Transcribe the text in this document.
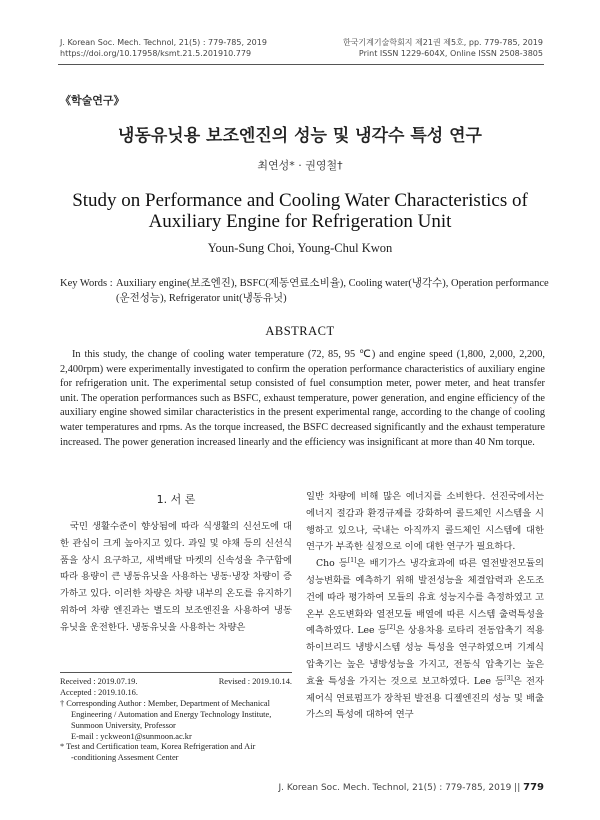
J. Korean Soc. Mech. Technol, 21(5) : 779-785, 2019
https://doi.org/10.17958/ksmt.21.5.201910.779
한국기계기술학회지 제21권 제5호, pp. 779-785, 2019
Print ISSN 1229-604X, Online ISSN 2508-3805
《학술연구》
냉동유닛용 보조엔진의 성능 및 냉각수 특성 연구
최연성* · 권영철†
Study on Performance and Cooling Water Characteristics of
Auxiliary Engine for Refrigeration Unit
Youn-Sung Choi, Young-Chul Kwon
Key Words : Auxiliary engine(보조엔진), BSFC(제동연료소비율), Cooling water(냉각수), Operation performance (운전성능), Refrigerator unit(냉동유닛)
ABSTRACT
In this study, the change of cooling water temperature (72, 85, 95 ℃) and engine speed (1,800, 2,000, 2,200, 2,400rpm) were experimentally investigated to confirm the operation performance characteristics of auxiliary engine for refrigeration unit. The experimental setup consisted of fuel consumption meter, power meter, and heat transfer unit. The operation performances such as BSFC, exhaust temperature, power generation, and engine efficiency of the auxiliary engine showed similar characteristics in the present experimental range, according to the change of cooling water temperatures and rpms. As the torque increased, the BSFC decreased significantly and the exhaust temperature increased. The power generation increased linearly and the efficiency was insignificant at more than 40 Nm torque.
1. 서 론
국민 생활수준이 향상됨에 따라 식생활의 신선도에 대한 관심이 크게 높아지고 있다. 과일 및 야채 등의 신선식품을 상시 요구하고, 새벽배달 마켓의 신속성을 추구함에 따라 용량이 큰 냉동유닛을 사용하는 냉동·냉장 차량이 증가하고 있다. 이러한 차량은 차량 내부의 온도를 유지하기 위하여 차량 엔진과는 별도의 보조엔진을 사용하여 냉동유닛을 운전한다. 냉동유닛을 사용하는 차량은

일반 차량에 비해 많은 에너지를 소비한다. 선진국에서는 에너지 절감과 환경규제를 강화하여 콜드체인 시스템을 시행하고 있으나, 국내는 아직까지 콜드체인 시스템에 대한 연구가 부족한 실정으로 이에 대한 연구가 필요하다.

Cho 등[1]은 배기가스 냉각효과에 따른 열전발전모듈의 성능변화를 예측하기 위해 발전성능을 체결압력과 온도조건에 따라 평가하여 모듈의 유효 성능지수를 측정하였고 고온부 온도변화와 열전모듈 배열에 따른 시스템 출력특성을 예측하였다. Lee 등[2]은 상용차용 로타리 전동압축기 적용 하이브리드 냉방시스템 성능 특성을 연구하였으며 기계식 압축기는 높은 냉방성능을 가지고, 전동식 압축기는 높은 효율 특성을 가지는 것으로 보고하였다. Lee 등[3]은 전자 제어식 연료펌프가 장착된 발전용 디젤엔진의 성능 및 배출가스의 특성에 대하여 연구

Received : 2019.07.19.	Revised : 2019.10.14.
Accepted : 2019.10.16.
† Corresponding Author : Member, Department of Mechanical
Engineering / Automation and Energy Technology Institute,
Sunmoon University, Professor
E-mail : yckweon1@sunmoon.ac.kr
* Test and Certification team, Korea Refrigeration and Air
-conditioning Assesment Center
J. Korean Soc. Mech. Technol, 21(5) : 779-785, 2019 || 779
